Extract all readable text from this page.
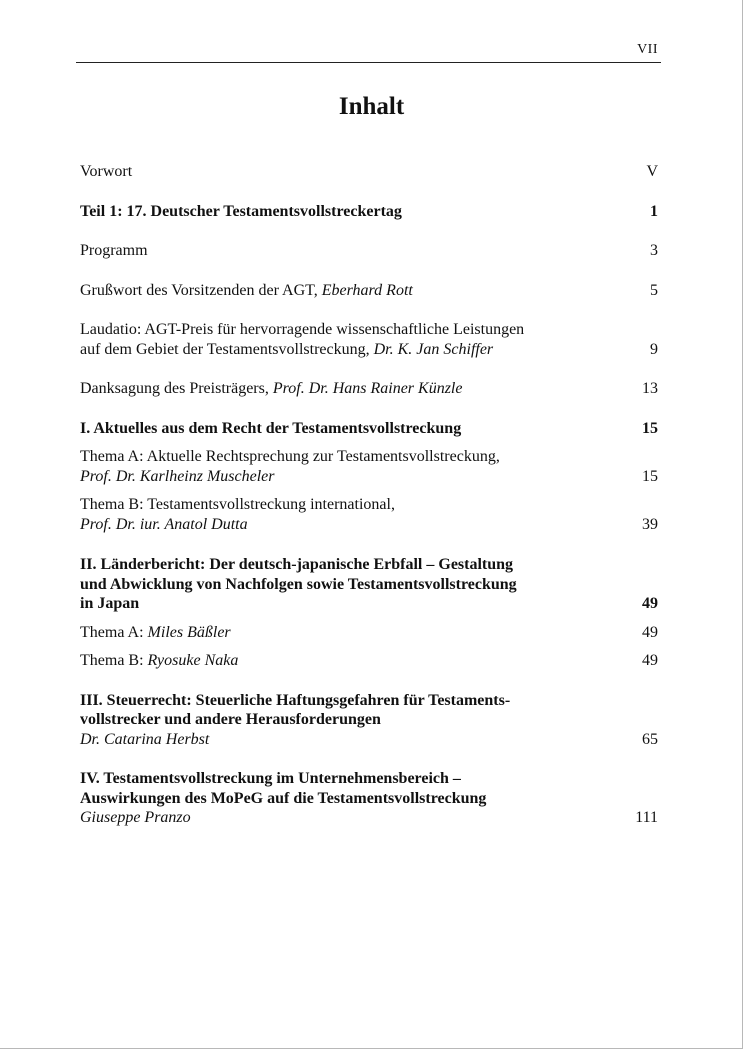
VII
Inhalt
Vorwort	V
Teil 1: 17. Deutscher Testamentsvollstreckertag	1
Programm	3
Grußwort des Vorsitzenden der AGT, Eberhard Rott	5
Laudatio: AGT-Preis für hervorragende wissenschaftliche Leistungen
auf dem Gebiet der Testamentsvollstreckung, Dr. K. Jan Schiffer	9
Danksagung des Preisträgers, Prof. Dr. Hans Rainer Künzle	13
I. Aktuelles aus dem Recht der Testamentsvollstreckung	15
Thema A: Aktuelle Rechtsprechung zur Testamentsvollstreckung,
Prof. Dr. Karlheinz Muscheler	15
Thema B: Testamentsvollstreckung international,
Prof. Dr. iur. Anatol Dutta	39
II. Länderbericht: Der deutsch-japanische Erbfall – Gestaltung
und Abwicklung von Nachfolgen sowie Testamentsvollstreckung
in Japan	49
Thema A: Miles Bäßler	49
Thema B: Ryosuke Naka	49
III. Steuerrecht: Steuerliche Haftungsgefahren für Testaments-
vollstrecker und andere Herausforderungen
Dr. Catarina Herbst	65
IV. Testamentsvollstreckung im Unternehmensbereich –
Auswirkungen des MoPeG auf die Testamentsvollstreckung
Giuseppe Pranzo	111
